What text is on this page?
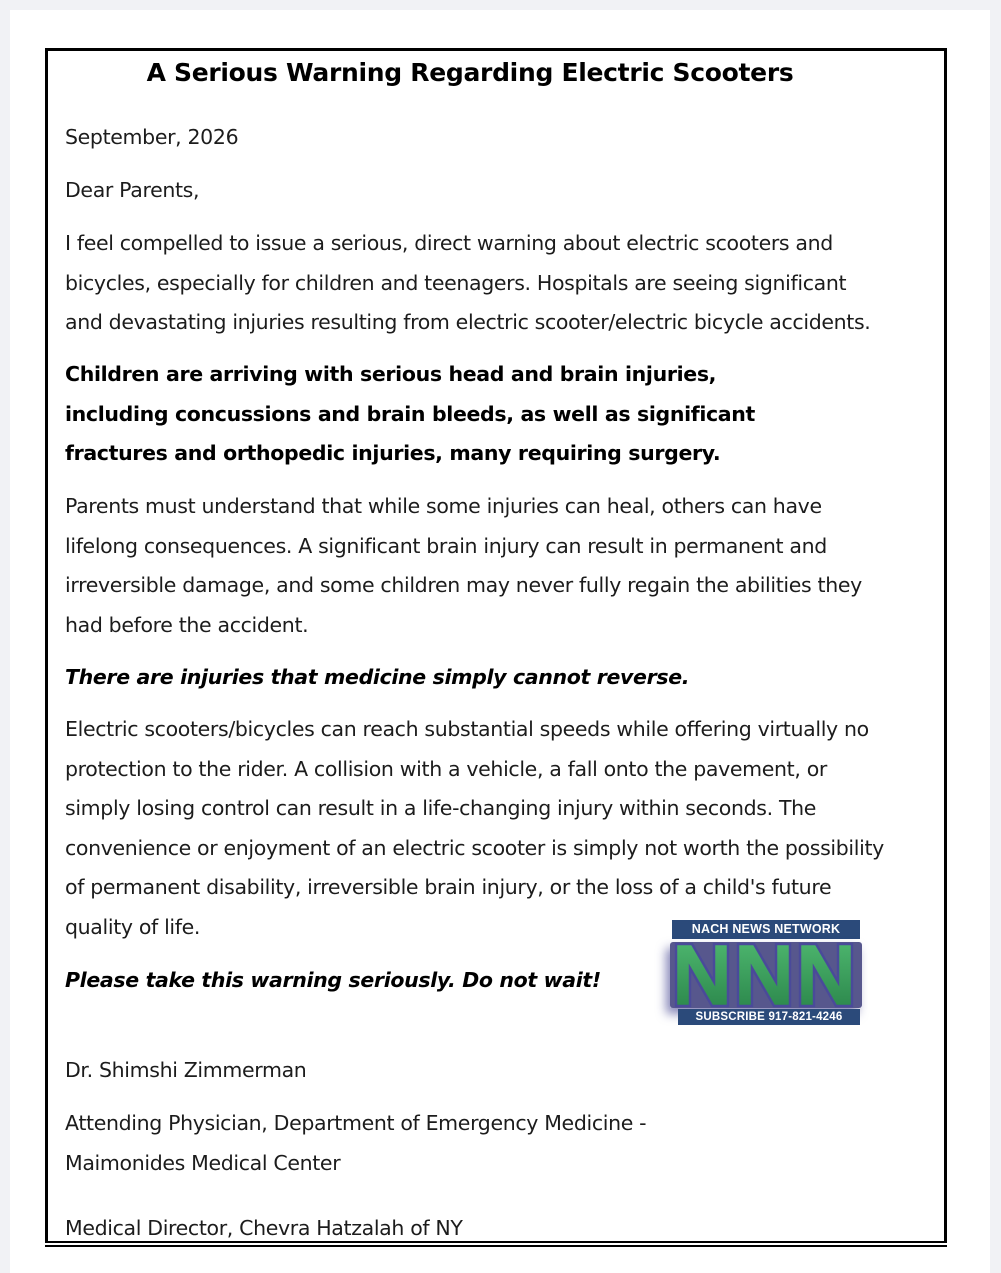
A Serious Warning Regarding Electric Scooters

September, 2026

Dear Parents,

I feel compelled to issue a serious, direct warning about electric scooters and bicycles, especially for children and teenagers. Hospitals are seeing significant and devastating injuries resulting from electric scooter/electric bicycle accidents.

Children are arriving with serious head and brain injuries, including concussions and brain bleeds, as well as significant fractures and orthopedic injuries, many requiring surgery.

Parents must understand that while some injuries can heal, others can have lifelong consequences. A significant brain injury can result in permanent and irreversible damage, and some children may never fully regain the abilities they had before the accident.

There are injuries that medicine simply cannot reverse.

Electric scooters/bicycles can reach substantial speeds while offering virtually no protection to the rider. A collision with a vehicle, a fall onto the pavement, or simply losing control can result in a life-changing injury within seconds. The convenience or enjoyment of an electric scooter is simply not worth the possibility of permanent disability, irreversible brain injury, or the loss of a child's future quality of life.

Please take this warning seriously. Do not wait!

Dr. Shimshi Zimmerman

Attending Physician, Department of Emergency Medicine - Maimonides Medical Center

Medical Director, Chevra Hatzalah of NY

NACH NEWS NETWORK
NNN
SUBSCRIBE 917-821-4246
